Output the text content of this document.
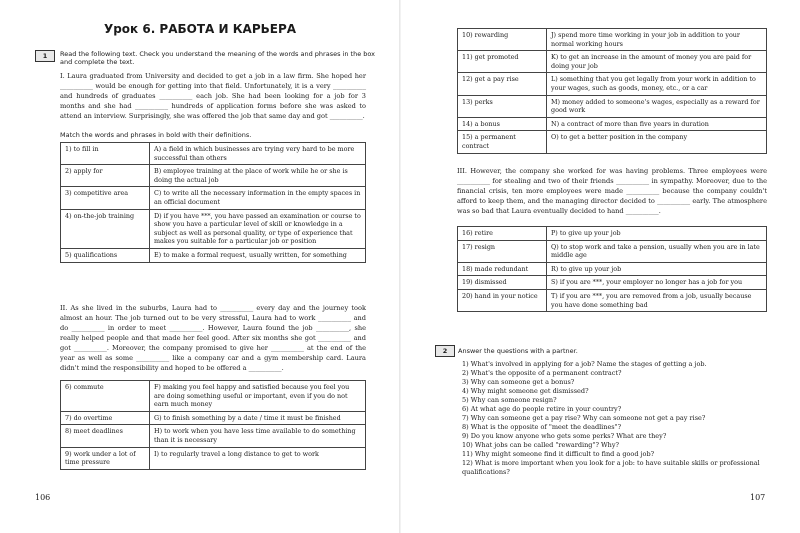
Урок 6. РАБОТА И КАРЬЕРА
1	Read the following text. Check you understand the meaning of the words and phrases in the box and complete the text.
I. Laura graduated from University and decided to get a job in a law firm. She hoped her __________ would be enough for getting into that field. Unfortunately, it is a very __________ and hundreds of graduates __________ each job. She had been looking for a job for 3 months and she had __________ hundreds of application forms before she was asked to attend an interview. Surprisingly, she was offered the job that same day and got __________.
Match the words and phrases in bold with their definitions.
1) to fill in	A) a field in which businesses are trying very hard to be more successful than others
2) apply for	B) employee training at the place of work while he or she is doing the actual job
3) competitive area	C) to write all the necessary information in the empty spaces in an official document
4) on-the-job training	D) if you have ***, you have passed an examination or course to show you have a particular level of skill or knowledge in a subject as well as personal quality, or type of experience that makes you suitable for a particular job or position
5) qualifications	E) to make a formal request, usually written, for something
II. As she lived in the suburbs, Laura had to __________ every day and the journey took almost an hour. The job turned out to be very stressful, Laura had to work __________ and do __________ in order to meet __________. However, Laura found the job __________, she really helped people and that made her feel good. After six months she got __________ and got __________. Moreover, the company promised to give her __________ at the end of the year as well as some __________ like a company car and a gym membership card. Laura didn't mind the responsibility and hoped to be offered a __________.
6) commute	F) making you feel happy and satisfied because you feel you are doing something useful or important, even if you do not earn much money
7) do overtime	G) to finish something by a date / time it must be finished
8) meet deadlines	H) to work when you have less time available to do something than it is necessary
9) work under a lot of time pressure	I) to regularly travel a long distance to get to work
106
10) rewarding	J) spend more time working in your job in addition to your normal working hours
11) get promoted	K) to get an increase in the amount of money you are paid for doing your job
12) get a pay rise	L) something that you get legally from your work in addition to your wages, such as goods, money, etc., or a car
13) perks	M) money added to someone's wages, especially as a reward for good work
14) a bonus	N) a contract of more than five years in duration
15) a permanent contract	O) to get a better position in the company
III. However, the company she worked for was having problems. Three employees were __________ for stealing and two of their friends __________ in sympathy. Moreover, due to the financial crisis, ten more employees were made __________ because the company couldn't afford to keep them, and the managing director decided to __________ early. The atmosphere was so bad that Laura eventually decided to hand __________.
16) retire	P) to give up your job
17) resign	Q) to stop work and take a pension, usually when you are in late middle age
18) made redundant	R) to give up your job
19) dismissed	S) if you are ***, your employer no longer has a job for you
20) hand in your notice	T) if you are ***, you are removed from a job, usually because you have done something bad
2	Answer the questions with a partner.
1) What's involved in applying for a job? Name the stages of getting a job.
2) What's the opposite of a permanent contract?
3) Why can someone get a bonus?
4) Why might someone get dismissed?
5) Why can someone resign?
6) At what age do people retire in your country?
7) Why can someone get a pay rise? Why can someone not get a pay rise?
8) What is the opposite of "meet the deadlines"?
9) Do you know anyone who gets some perks? What are they?
10) What jobs can be called "rewarding"? Why?
11) Why might someone find it difficult to find a good job?
12) What is more important when you look for a job: to have suitable skills or professional qualifications?
107
